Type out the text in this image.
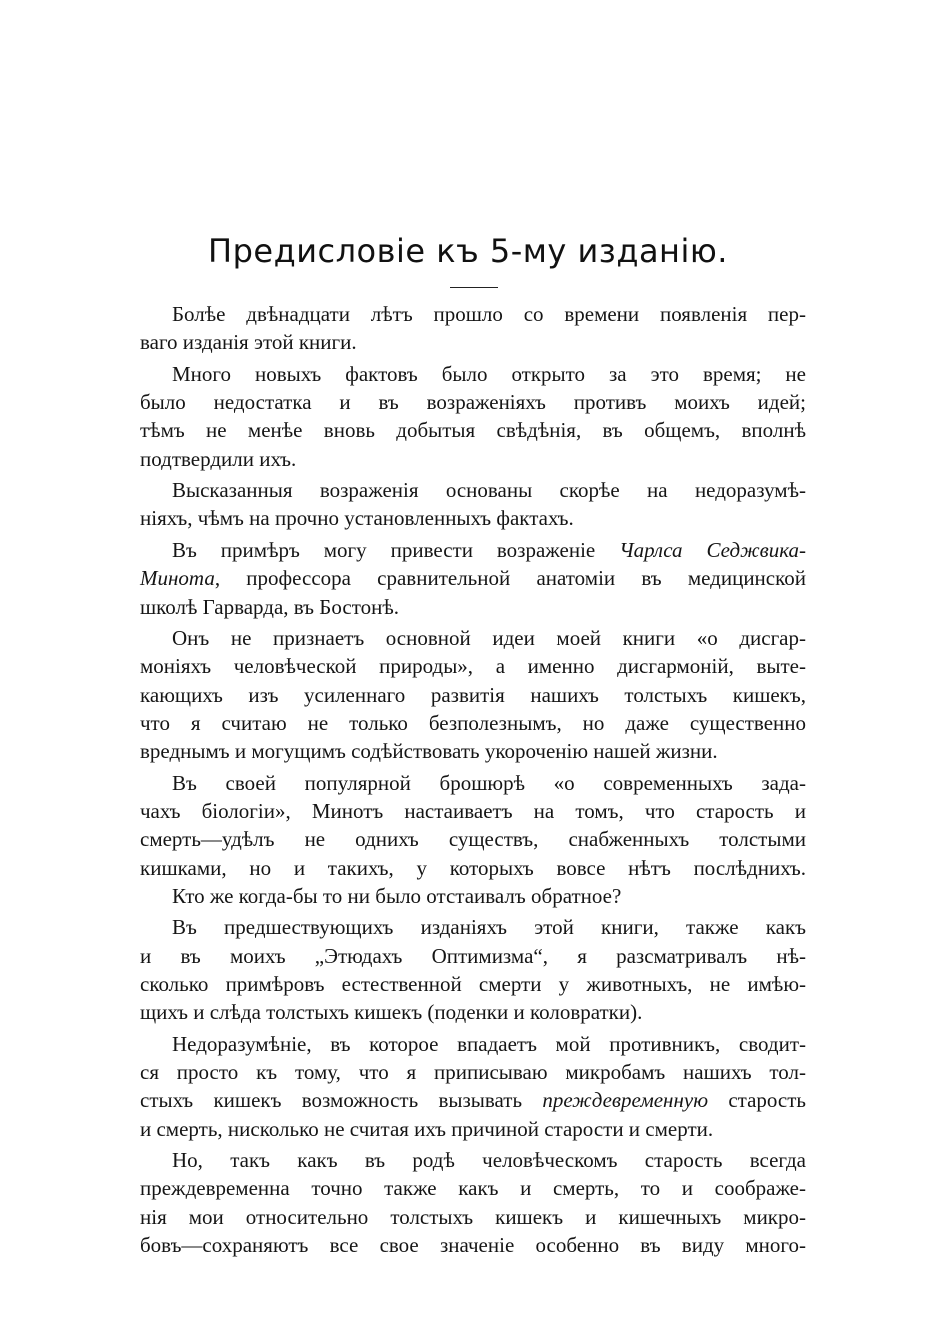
Предисловіе къ 5-му изданію.
Болѣе двѣнадцати лѣтъ прошло со времени появленія пер-
ваго изданія этой книги.
Много новыхъ фактовъ было открыто за это время; не
было недостатка и въ возраженіяхъ противъ моихъ идей;
тѣмъ не менѣе вновь добытыя свѣдѣнія, въ общемъ, вполнѣ
подтвердили ихъ.
Высказанныя возраженія основаны скорѣе на недоразумѣ-
ніяхъ, чѣмъ на прочно установленныхъ фактахъ.
Въ примѣръ могу привести возраженіе Чарлса Седжвика-
Минота, профессора сравнительной анатоміи въ медицинской
школѣ Гарварда, въ Бостонѣ.
Онъ не признаетъ основной идеи моей книги «о дисгар-
моніяхъ человѣческой природы», а именно дисгармоній, выте-
кающихъ изъ усиленнаго развитія нашихъ толстыхъ кишекъ,
что я считаю не только безполезнымъ, но даже существенно
вреднымъ и могущимъ содѣйствовать укороченію нашей жизни.
Въ своей популярной брошюрѣ «о современныхъ зада-
чахъ біологіи», Минотъ настаиваетъ на томъ, что старость и
смерть—удѣлъ не однихъ существъ, снабженныхъ толстыми
кишками, но и такихъ, у которыхъ вовсе нѣтъ послѣднихъ.
Кто же когда-бы то ни было отстаивалъ обратное?
Въ предшествующихъ изданіяхъ этой книги, также какъ
и въ моихъ „Этюдахъ Оптимизма“, я разсматривалъ нѣ-
сколько примѣровъ естественной смерти у животныхъ, не имѣю-
щихъ и слѣда толстыхъ кишекъ (поденки и коловратки).
Недоразумѣніе, въ которое впадаетъ мой противникъ, сводит-
ся просто къ тому, что я приписываю микробамъ нашихъ тол-
стыхъ кишекъ возможность вызывать преждевременную старость
и смерть, нисколько не считая ихъ причиной старости и смерти.
Но, такъ какъ въ родѣ человѣческомъ старость всегда
преждевременна точно также какъ и смерть, то и соображе-
нія мои относительно толстыхъ кишекъ и кишечныхъ микро-
бовъ—сохраняютъ все свое значеніе особенно въ виду много-
